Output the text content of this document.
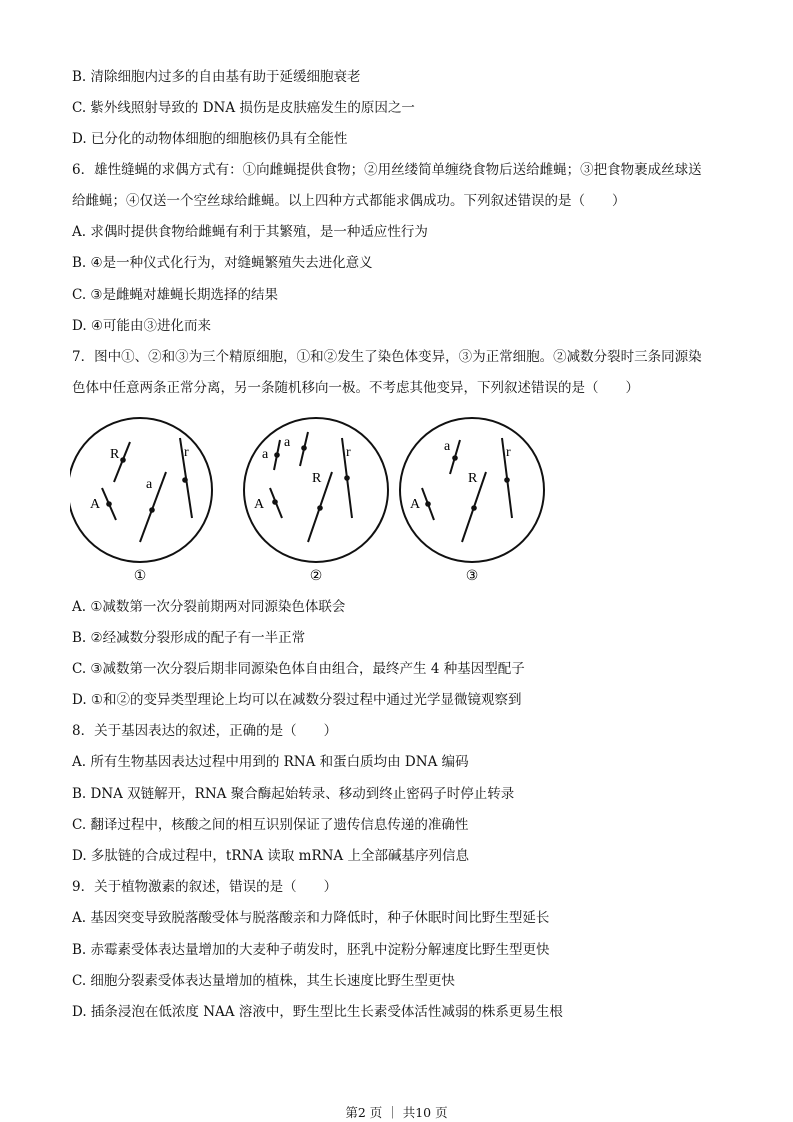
B. 清除细胞内过多的自由基有助于延缓细胞衰老
C. 紫外线照射导致的 DNA 损伤是皮肤癌发生的原因之一
D. 已分化的动物体细胞的细胞核仍具有全能性
6．雄性缝蝇的求偶方式有：①向雌蝇提供食物；②用丝缕简单缠绕食物后送给雌蝇；③把食物裹成丝球送
给雌蝇；④仅送一个空丝球给雌蝇。以上四种方式都能求偶成功。下列叙述错误的是（　　）
A. 求偶时提供食物给雌蝇有利于其繁殖，是一种适应性行为
B. ④是一种仪式化行为，对缝蝇繁殖失去进化意义
C. ③是雌蝇对雄蝇长期选择的结果
D. ④可能由③进化而来
7．图中①、②和③为三个精原细胞，①和②发生了染色体变异，③为正常细胞。②减数分裂时三条同源染
色体中任意两条正常分离，另一条随机移向一极。不考虑其他变异，下列叙述错误的是（　　）
R
A
a
r
①
a
a
A
R
r
②
a
A
R
r
③
A. ①减数第一次分裂前期两对同源染色体联会
B. ②经减数分裂形成的配子有一半正常
C. ③减数第一次分裂后期非同源染色体自由组合，最终产生 4 种基因型配子
D. ①和②的变异类型理论上均可以在减数分裂过程中通过光学显微镜观察到
8．关于基因表达的叙述，正确的是（　　）
A. 所有生物基因表达过程中用到的 RNA 和蛋白质均由 DNA 编码
B. DNA 双链解开，RNA 聚合酶起始转录、移动到终止密码子时停止转录
C. 翻译过程中，核酸之间的相互识别保证了遗传信息传递的准确性
D. 多肽链的合成过程中，tRNA 读取 mRNA 上全部碱基序列信息
9．关于植物激素的叙述，错误的是（　　）
A. 基因突变导致脱落酸受体与脱落酸亲和力降低时，种子休眠时间比野生型延长
B. 赤霉素受体表达量增加的大麦种子萌发时，胚乳中淀粉分解速度比野生型更快
C. 细胞分裂素受体表达量增加的植株，其生长速度比野生型更快
D. 插条浸泡在低浓度 NAA 溶液中，野生型比生长素受体活性减弱的株系更易生根
第2 页 ｜ 共10 页
